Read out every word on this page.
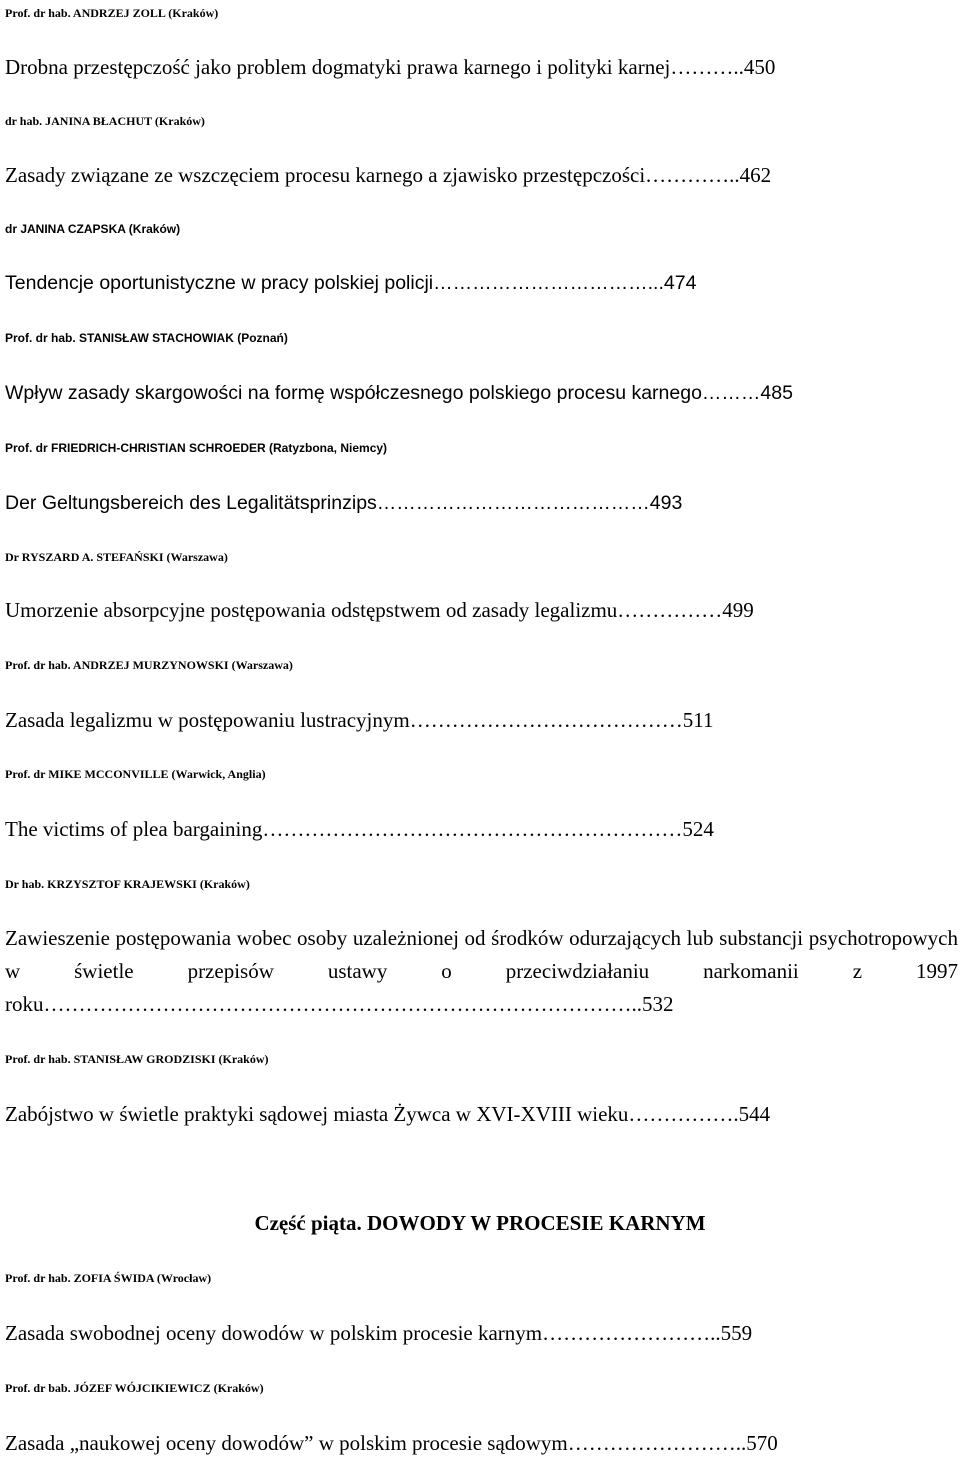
Prof. dr hab. ANDRZEJ ZOLL (Kraków)
Drobna przestępczość jako problem dogmatyki prawa karnego i polityki karnej………..450
dr hab. JANINA BŁACHUT (Kraków)
Zasady związane ze wszczęciem procesu karnego a zjawisko przestępczości…………..462
dr JANINA CZAPSKA (Kraków)
Tendencje oportunistyczne w pracy polskiej policji……………………………...474
Prof. dr hab. STANISŁAW STACHOWIAK (Poznań)
Wpływ zasady skargowości na formę współczesnego polskiego procesu karnego………485
Prof. dr FRIEDRICH-CHRISTIAN SCHROEDER (Ratyzbona, Niemcy)
Der Geltungsbereich des Legalitätsprinzips……………………………………493
Dr RYSZARD A. STEFAŃSKI (Warszawa)
Umorzenie absorpcyjne postępowania odstępstwem od zasady legalizmu……………499
Prof. dr hab. ANDRZEJ MURZYNOWSKI (Warszawa)
Zasada legalizmu w postępowaniu lustracyjnym…………………………………511
Prof. dr MIKE MCCONVILLE (Warwick, Anglia)
The victims of plea bargaining……………………………………………………524
Dr hab. KRZYSZTOF KRAJEWSKI (Kraków)
Zawieszenie postępowania wobec osoby uzależnionej od środków odurzających lub substancji psychotropowych w świetle przepisów ustawy o przeciwdziałaniu narkomanii z 1997 roku…………………………………………………………………………..532
Prof. dr hab. STANISŁAW GRODZISKI (Kraków)
Zabójstwo w świetle praktyki sądowej miasta Żywca w XVI-XVIII wieku…………….544
Część piąta. DOWODY W PROCESIE KARNYM
Prof. dr hab. ZOFIA ŚWIDA (Wrocław)
Zasada swobodnej oceny dowodów w polskim procesie karnym……………………..559
Prof. dr bab. JÓZEF WÓJCIKIEWICZ (Kraków)
Zasada „naukowej oceny dowodów” w polskim procesie sądowym……………………..570
